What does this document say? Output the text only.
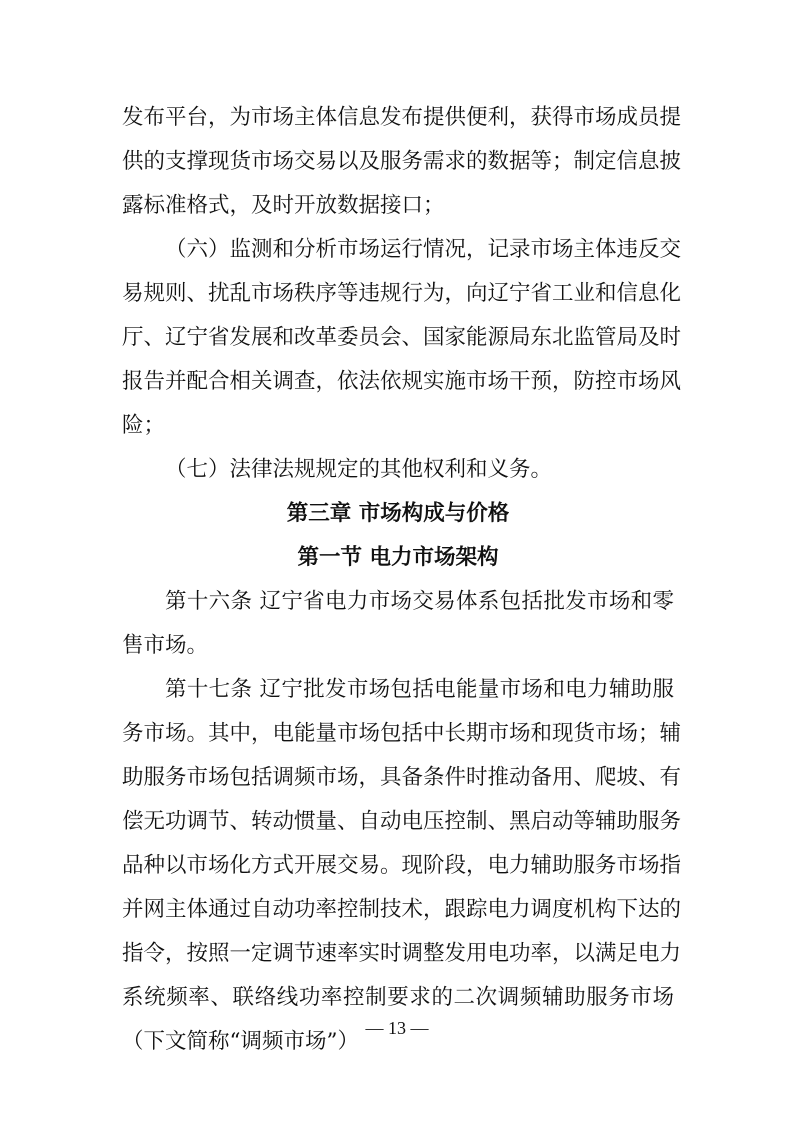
发布平台，为市场主体信息发布提供便利，获得市场成员提
供的支撑现货市场交易以及服务需求的数据等；制定信息披
露标准格式，及时开放数据接口；
（六）监测和分析市场运行情况，记录市场主体违反交
易规则、扰乱市场秩序等违规行为，向辽宁省工业和信息化
厅、辽宁省发展和改革委员会、国家能源局东北监管局及时
报告并配合相关调查，依法依规实施市场干预，防控市场风
险；
（七）法律法规规定的其他权利和义务。
第三章 市场构成与价格
第一节 电力市场架构
第十六条 辽宁省电力市场交易体系包括批发市场和零
售市场。
第十七条 辽宁批发市场包括电能量市场和电力辅助服
务市场。其中，电能量市场包括中长期市场和现货市场；辅
助服务市场包括调频市场，具备条件时推动备用、爬坡、有
偿无功调节、转动惯量、自动电压控制、黑启动等辅助服务
品种以市场化方式开展交易。现阶段，电力辅助服务市场指
并网主体通过自动功率控制技术，跟踪电力调度机构下达的
指令，按照一定调节速率实时调整发用电功率，以满足电力
系统频率、联络线功率控制要求的二次调频辅助服务市场
（下文简称“调频市场”）
— 13 —
